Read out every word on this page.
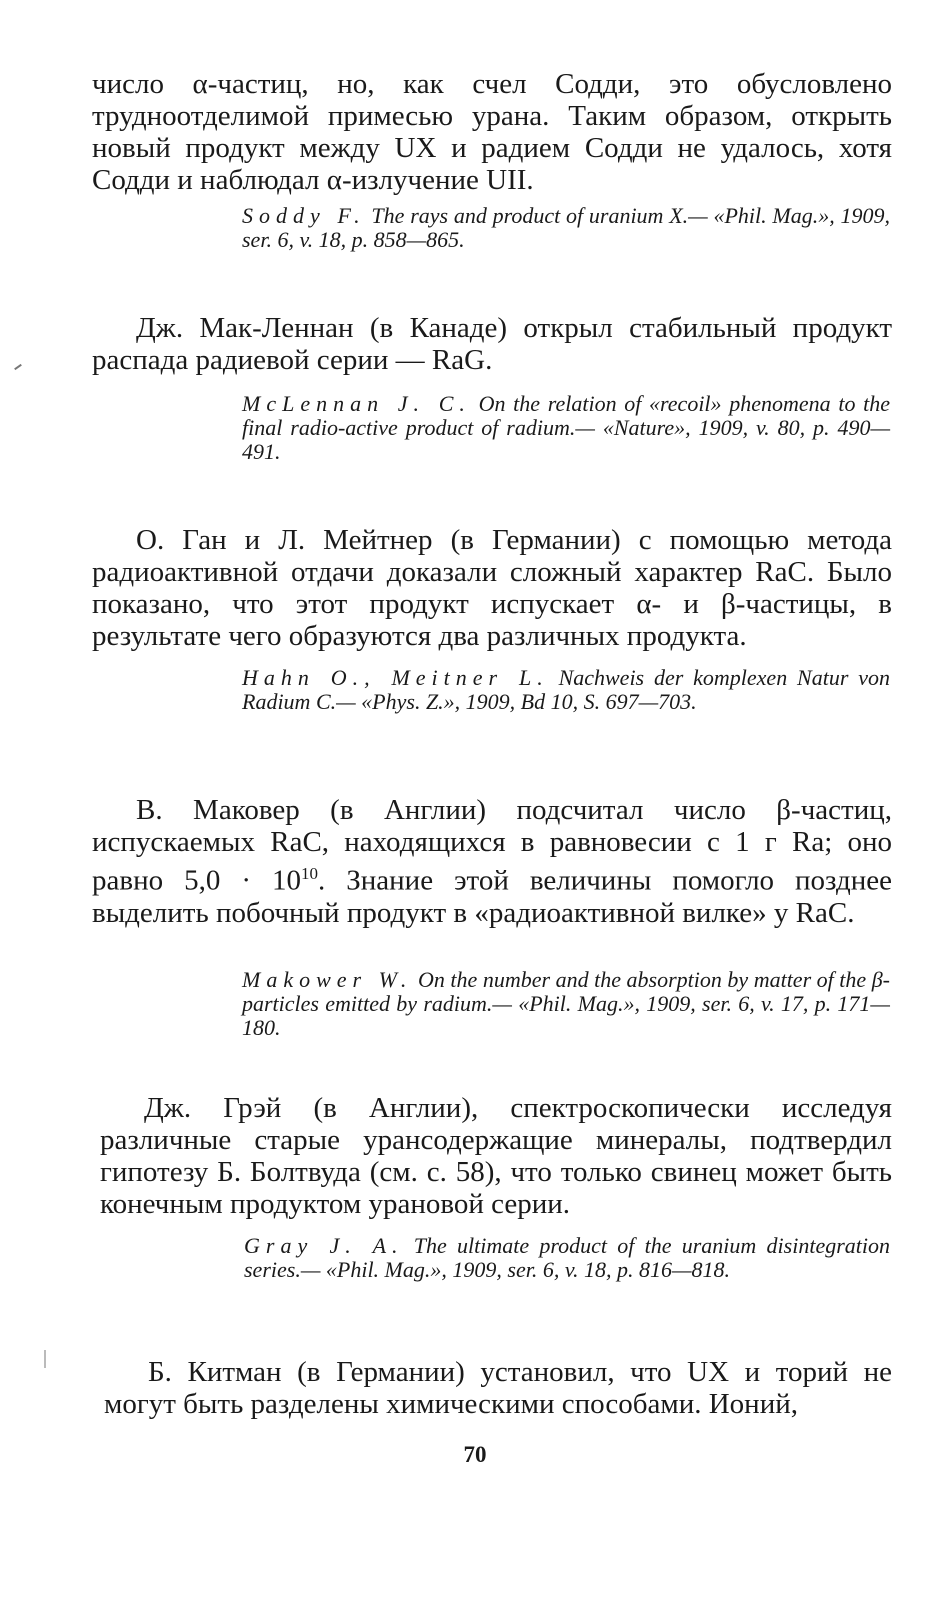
число α-частиц, но, как счел Содди, это обусловлено трудноотделимой примесью урана. Таким образом, открыть новый продукт между UX и радием Содди не удалось, хотя Содди и наблюдал α-излучение UII.

Soddy F. The rays and product of uranium X.— «Phil. Mag.», 1909, ser. 6, v. 18, p. 858—865.

Дж. Мак-Леннан (в Канаде) открыл стабильный продукт распада радиевой серии — RaG.

McLennan J. C. On the relation of «recoil» phenomena to the final radio-active product of radium.— «Nature», 1909, v. 80, p. 490—491.

О. Ган и Л. Мейтнер (в Германии) с помощью метода радиоактивной отдачи доказали сложный характер RaC. Было показано, что этот продукт испускает α- и β-частицы, в результате чего образуются два различных продукта.

Hahn O., Meitner L. Nachweis der komplexen Natur von Radium C.— «Phys. Z.», 1909, Bd 10, S. 697—703.

В. Маковер (в Англии) подсчитал число β-частиц, испускаемых RaC, находящихся в равновесии с 1 г Ra; оно равно $5,0 \cdot 10^{10}$. Знание этой величины помогло позднее выделить побочный продукт в «радиоактивной вилке» у RaC.

Makower W. On the number and the absorption by matter of the β-particles emitted by radium.— «Phil. Mag.», 1909, ser. 6, v. 17, p. 171—180.

Дж. Грэй (в Англии), спектроскопически исследуя различные старые урансодержащие минералы, подтвердил гипотезу Б. Болтвуда (см. с. 58), что только свинец может быть конечным продуктом урановой серии.

Gray J. A. The ultimate product of the uranium disintegration series.— «Phil. Mag.», 1909, ser. 6, v. 18, p. 816—818.

Б. Китман (в Германии) установил, что UX и торий не могут быть разделены химическими способами. Ионий,

70
